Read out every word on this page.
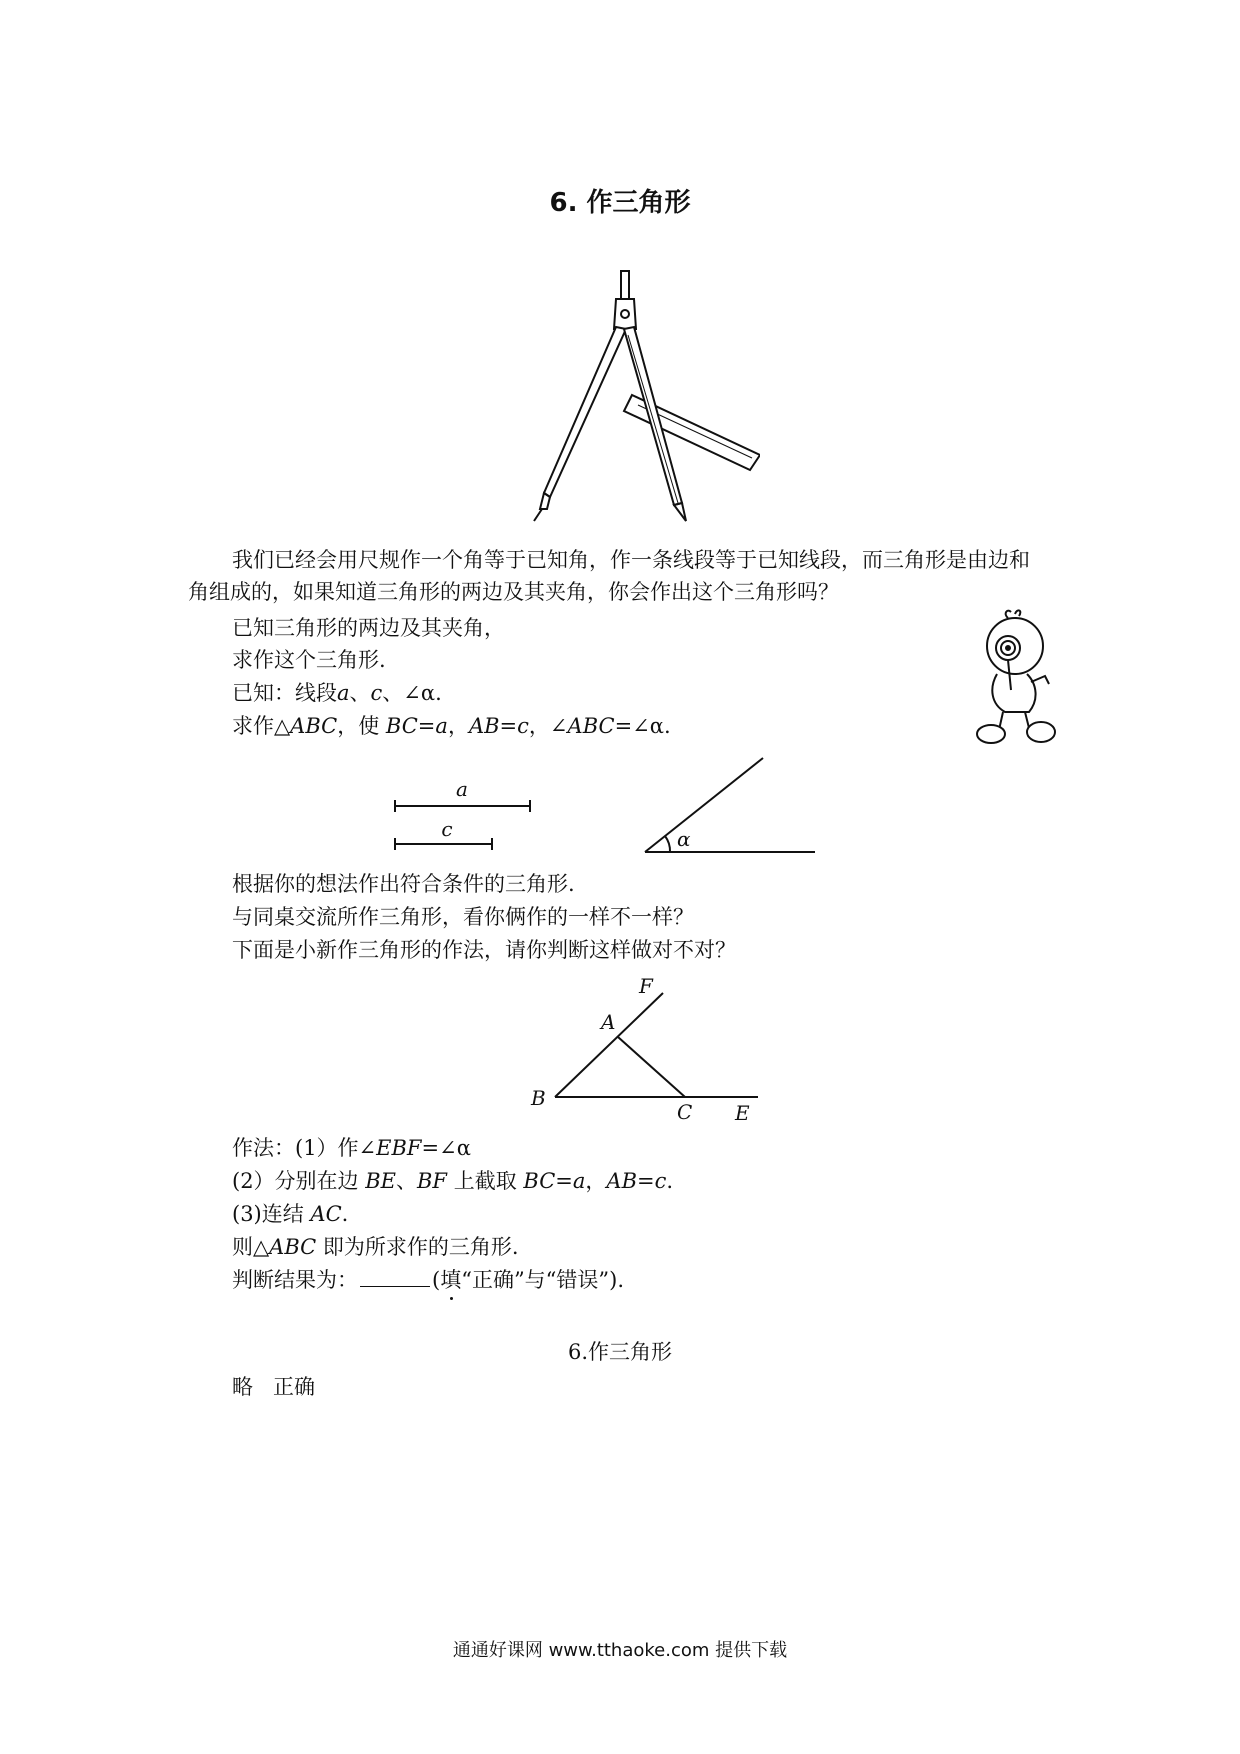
6. 作三角形
我们已经会用尺规作一个角等于已知角，作一条线段等于已知线段，而三角形是由边和
角组成的，如果知道三角形的两边及其夹角，你会作出这个三角形吗？
已知三角形的两边及其夹角，
求作这个三角形.
已知：线段a、c、∠α.
求作△ABC，使 BC=a，AB=c，∠ABC=∠α.
a
c	α
根据你的想法作出符合条件的三角形.
与同桌交流所作三角形，看你俩作的一样不一样？
下面是小新作三角形的作法，请你判断这样做对不对？
F
A
B
C E
作法：(1）作∠EBF=∠α
(2）分别在边 BE、BF 上截取 BC=a，AB=c.
(3)连结 AC.
则△ABC 即为所求作的三角形.
判断结果为：	(填“正确”与“错误”).
6.作三角形
略 正确
通通好课网 www.tthaoke.com 提供下载
